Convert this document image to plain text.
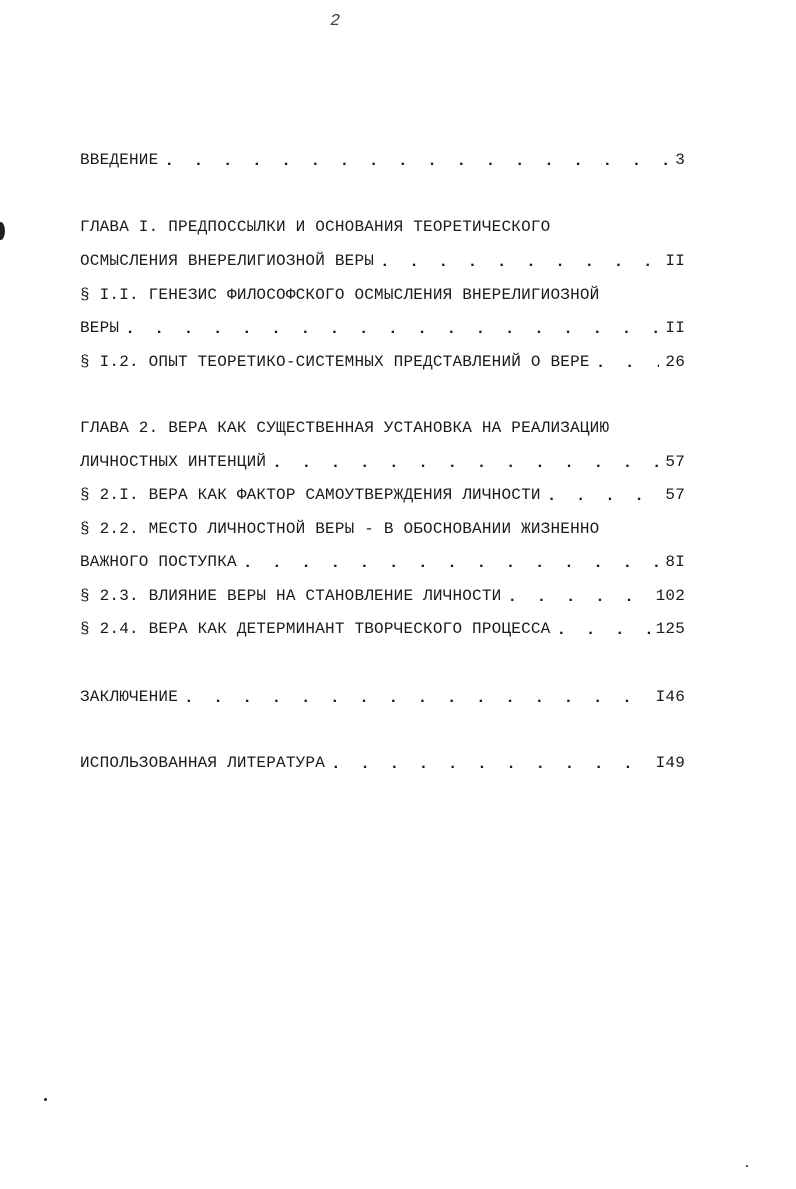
2
ВВЕДЕНИЕ . . .	3
ГЛАВА I. ПРЕДПОССЫЛКИ И ОСНОВАНИЯ ТЕОРЕТИЧЕСКОГО
ОСМЫСЛЕНИЯ ВНЕРЕЛИГИОЗНОЙ ВЕРЫ . . .	II
§ I.I. ГЕНЕЗИС ФИЛОСОФСКОГО ОСМЫСЛЕНИЯ ВНЕРЕЛИГИОЗНОЙ
ВЕРЫ . . .	II
§ I.2. ОПЫТ ТЕОРЕТИКО-СИСТЕМНЫХ ПРЕДСТАВЛЕНИЙ О ВЕРЕ . . .	26
ГЛАВА 2. ВЕРА КАК СУЩЕСТВЕННАЯ УСТАНОВКА НА РЕАЛИЗАЦИЮ
ЛИЧНОСТНЫХ ИНТЕНЦИЙ . . .	57
§ 2.I. ВЕРА КАК ФАКТОР САМОУТВЕРЖДЕНИЯ ЛИЧНОСТИ . . .	57
§ 2.2. МЕСТО ЛИЧНОСТНОЙ ВЕРЫ - В ОБОСНОВАНИИ ЖИЗНЕННО
ВАЖНОГО ПОСТУПКА . . .	8I
§ 2.3. ВЛИЯНИЕ ВЕРЫ НА СТАНОВЛЕНИЕ ЛИЧНОСТИ . . .	102
§ 2.4. ВЕРА КАК ДЕТЕРМИНАНТ ТВОРЧЕСКОГО ПРОЦЕССА . . .	125
ЗАКЛЮЧЕНИЕ . . .	I46
ИСПОЛЬЗОВАННАЯ ЛИТЕРАТУРА . . .	I49
